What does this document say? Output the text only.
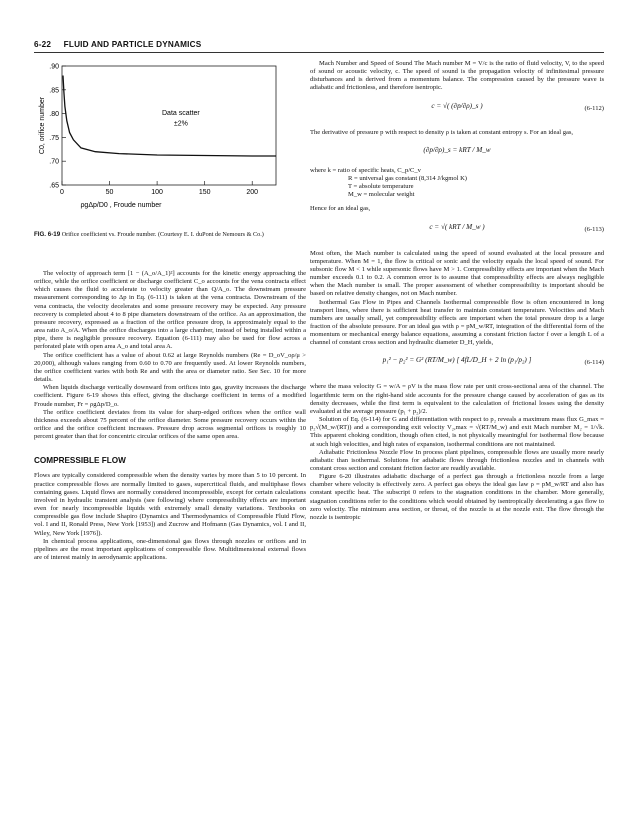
6-22 FLUID AND PARTICLE DYNAMICS
.65
.70
.75
.80
.85
.90
0	50	100	150	200
Data scatter
±2%
C0, orifice number
ρgΔp/D0 , Froude number
FIG. 6-19 Orifice coefficient vs. Froude number. (Courtesy E. I. duPont de Nemours & Co.)

The velocity of approach term [1 − (A_o/A_1)²] accounts for the kinetic energy approaching the orifice, while the orifice coefficient or discharge coefficient C_o accounts for the vena contracta effect which causes the fluid to accelerate to velocity greater than Q/A_o. The downstream pressure measurement corresponding to Δp in Eq. (6-111) is taken at the vena contracta. Downstream of the vena contracta, the velocity decelerates and some pressure recovery may be expected. Any pressure recovery is completed about 4 to 8 pipe diameters downstream of the orifice. As an approximation, the pressure recovery, expressed as a fraction of the orifice pressure drop, is approximately equal to the area ratio A_o/A. When the orifice discharges into a large chamber, instead of being installed within a pipe, there is negligible pressure recovery. Equation (6-111) may also be used for flow across a perforated plate with open area A_o and total area A.

The orifice coefficient has a value of about 0.62 at large Reynolds numbers (Re = D_oV_oρ/μ > 20,000), although values ranging from 0.60 to 0.70 are frequently used. At lower Reynolds numbers, the orifice coefficient varies with both Re and with the area or diameter ratio. See Sec. 10 for more details.

When liquids discharge vertically downward from orifices into gas, gravity increases the discharge coefficient. Figure 6-19 shows this effect, giving the discharge coefficient in terms of a modified Froude number, Fr = ρgΔp/D_o.

The orifice coefficient deviates from its value for sharp-edged orifices when the orifice wall thickness exceeds about 75 percent of the orifice diameter. Some pressure recovery occurs within the orifice and the orifice coefficient increases. Pressure drop across segmental orifices is roughly 10 percent greater than that for concentric circular orifices of the same open area.

COMPRESSIBLE FLOW

Flows are typically considered compressible when the density varies by more than 5 to 10 percent. In practice compressible flows are normally limited to gases, supercritical fluids, and multiphase flows containing gases. Liquid flows are normally considered incompressible, except for certain calculations involved in hydraulic transient analysis (see following) where compressibility effects are important even for nearly incompressible liquids with extremely small density variations. Textbooks on compressible gas flow include Shapiro (Dynamics and Thermodynamics of Compressible Fluid Flow, vol. I and II, Ronald Press, New York [1953]) and Zucrow and Hofmann (Gas Dynamics, vol. I and II, Wiley, New York [1976]).

In chemical process applications, one-dimensional gas flows through nozzles or orifices and in pipelines are the most important applications of compressible flow. Multidimensional external flows are of interest mainly in aerodynamic applications.

Mach Number and Speed of Sound The Mach number M = V/c is the ratio of fluid velocity, V, to the speed of sound or acoustic velocity, c. The speed of sound is the propagation velocity of infinitesimal pressure disturbances and is derived from a momentum balance. The compression caused by the pressure wave is adiabatic and frictionless, and therefore isentropic.

c = √( (∂p/∂ρ)_s )	(6-112)

The derivative of pressure p with respect to density ρ is taken at constant entropy s. For an ideal gas,

(∂p/∂ρ)_s = kRT / M_w
where k = ratio of specific heats, C_p/C_v
R = universal gas constant (8,314 J/kgmol K)
T = absolute temperature
M_w = molecular weight

Hence for an ideal gas,

c = √( kRT / M_w )	(6-113)

Most often, the Mach number is calculated using the speed of sound evaluated at the local pressure and temperature. When M = 1, the flow is critical or sonic and the velocity equals the local speed of sound. For subsonic flow M < 1 while supersonic flows have M > 1. Compressibility effects are important when the Mach number exceeds 0.1 to 0.2. A common error is to assume that compressibility effects are always negligible when the Mach number is small. The proper assessment of whether compressibility is important should be based on relative density changes, not on Mach number.

Isothermal Gas Flow in Pipes and Channels Isothermal compressible flow is often encountered in long transport lines, where there is sufficient heat transfer to maintain constant temperature. Velocities and Mach numbers are usually small, yet compressibility effects are important when the total pressure drop is a large fraction of the absolute pressure. For an ideal gas with ρ = pM_w/RT, integration of the differential form of the momentum or mechanical energy balance equations, assuming a constant friction factor f over a length L of a channel of constant cross section and hydraulic diameter D_H, yields,

p₁² − p₂² = G² (RT/M_w) [ 4fL/D_H + 2 ln (p₁/p₂) ]	(6-114)

where the mass velocity G = w/A = ρV is the mass flow rate per unit cross-sectional area of the channel. The logarithmic term on the right-hand side accounts for the pressure change caused by acceleration of gas as its density decreases, while the first term is equivalent to the calculation of frictional losses using the density evaluated at the average pressure (p₁ + p₂)/2.

Solution of Eq. (6-114) for G and differentiation with respect to p₂ reveals a maximum mass flux G_max = p₂√(M_w/(RT)) and a corresponding exit velocity V₂,max = √(RT/M_w) and exit Mach number M₂ = 1/√k. This apparent choking condition, though often cited, is not physically meaningful for isothermal flow because at such high velocities, and high rates of expansion, isothermal conditions are not maintained.

Adiabatic Frictionless Nozzle Flow In process plant pipelines, compressible flows are usually more nearly adiabatic than isothermal. Solutions for adiabatic flows through frictionless nozzles and in channels with constant cross section and constant friction factor are readily available.

Figure 6-20 illustrates adiabatic discharge of a perfect gas through a frictionless nozzle from a large chamber where velocity is effectively zero. A perfect gas obeys the ideal gas law ρ = pM_w/RT and also has constant specific heat. The subscript 0 refers to the stagnation conditions in the chamber. More generally, stagnation conditions refer to the conditions which would obtained by isentropically decelerating a gas flow to zero velocity. The minimum area section, or throat, of the nozzle is at the nozzle exit. The flow through the nozzle is isentropic
